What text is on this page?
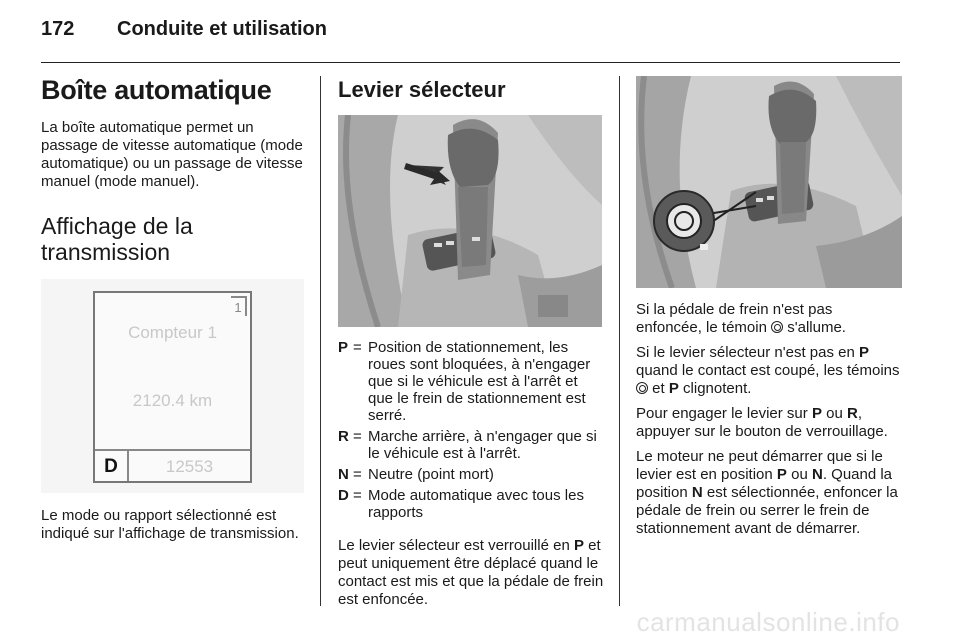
172	Conduite et utilisation
Boîte automatique

La boîte automatique permet un passage de vitesse automatique (mode automatique) ou un passage de vitesse manuel (mode manuel).

Affichage de la transmission
1
Compteur 1
2120.4 km
D	12553

Le mode ou rapport sélectionné est indiqué sur l'affichage de transmission.

Levier sélecteur
P = Position de stationnement, les roues sont bloquées, à n'engager que si le véhicule est à l'arrêt et que le frein de stationnement est serré.
R = Marche arrière, à n'engager que si le véhicule est à l'arrêt.
N = Neutre (point mort)
D = Mode automatique avec tous les rapports

Le levier sélecteur est verrouillé en P et peut uniquement être déplacé quand le contact est mis et que la pédale de frein est enfoncée.

Si la pédale de frein n'est pas enfoncée, le témoin  s'allume.

Si le levier sélecteur n'est pas en P quand le contact est coupé, les témoins  et P clignotent.

Pour engager le levier sur P ou R, appuyer sur le bouton de verrouillage.

Le moteur ne peut démarrer que si le levier est en position P ou N. Quand la position N est sélectionnée, enfoncer la pédale de frein ou serrer le frein de stationnement avant de démarrer.

carmanualsonline.info
